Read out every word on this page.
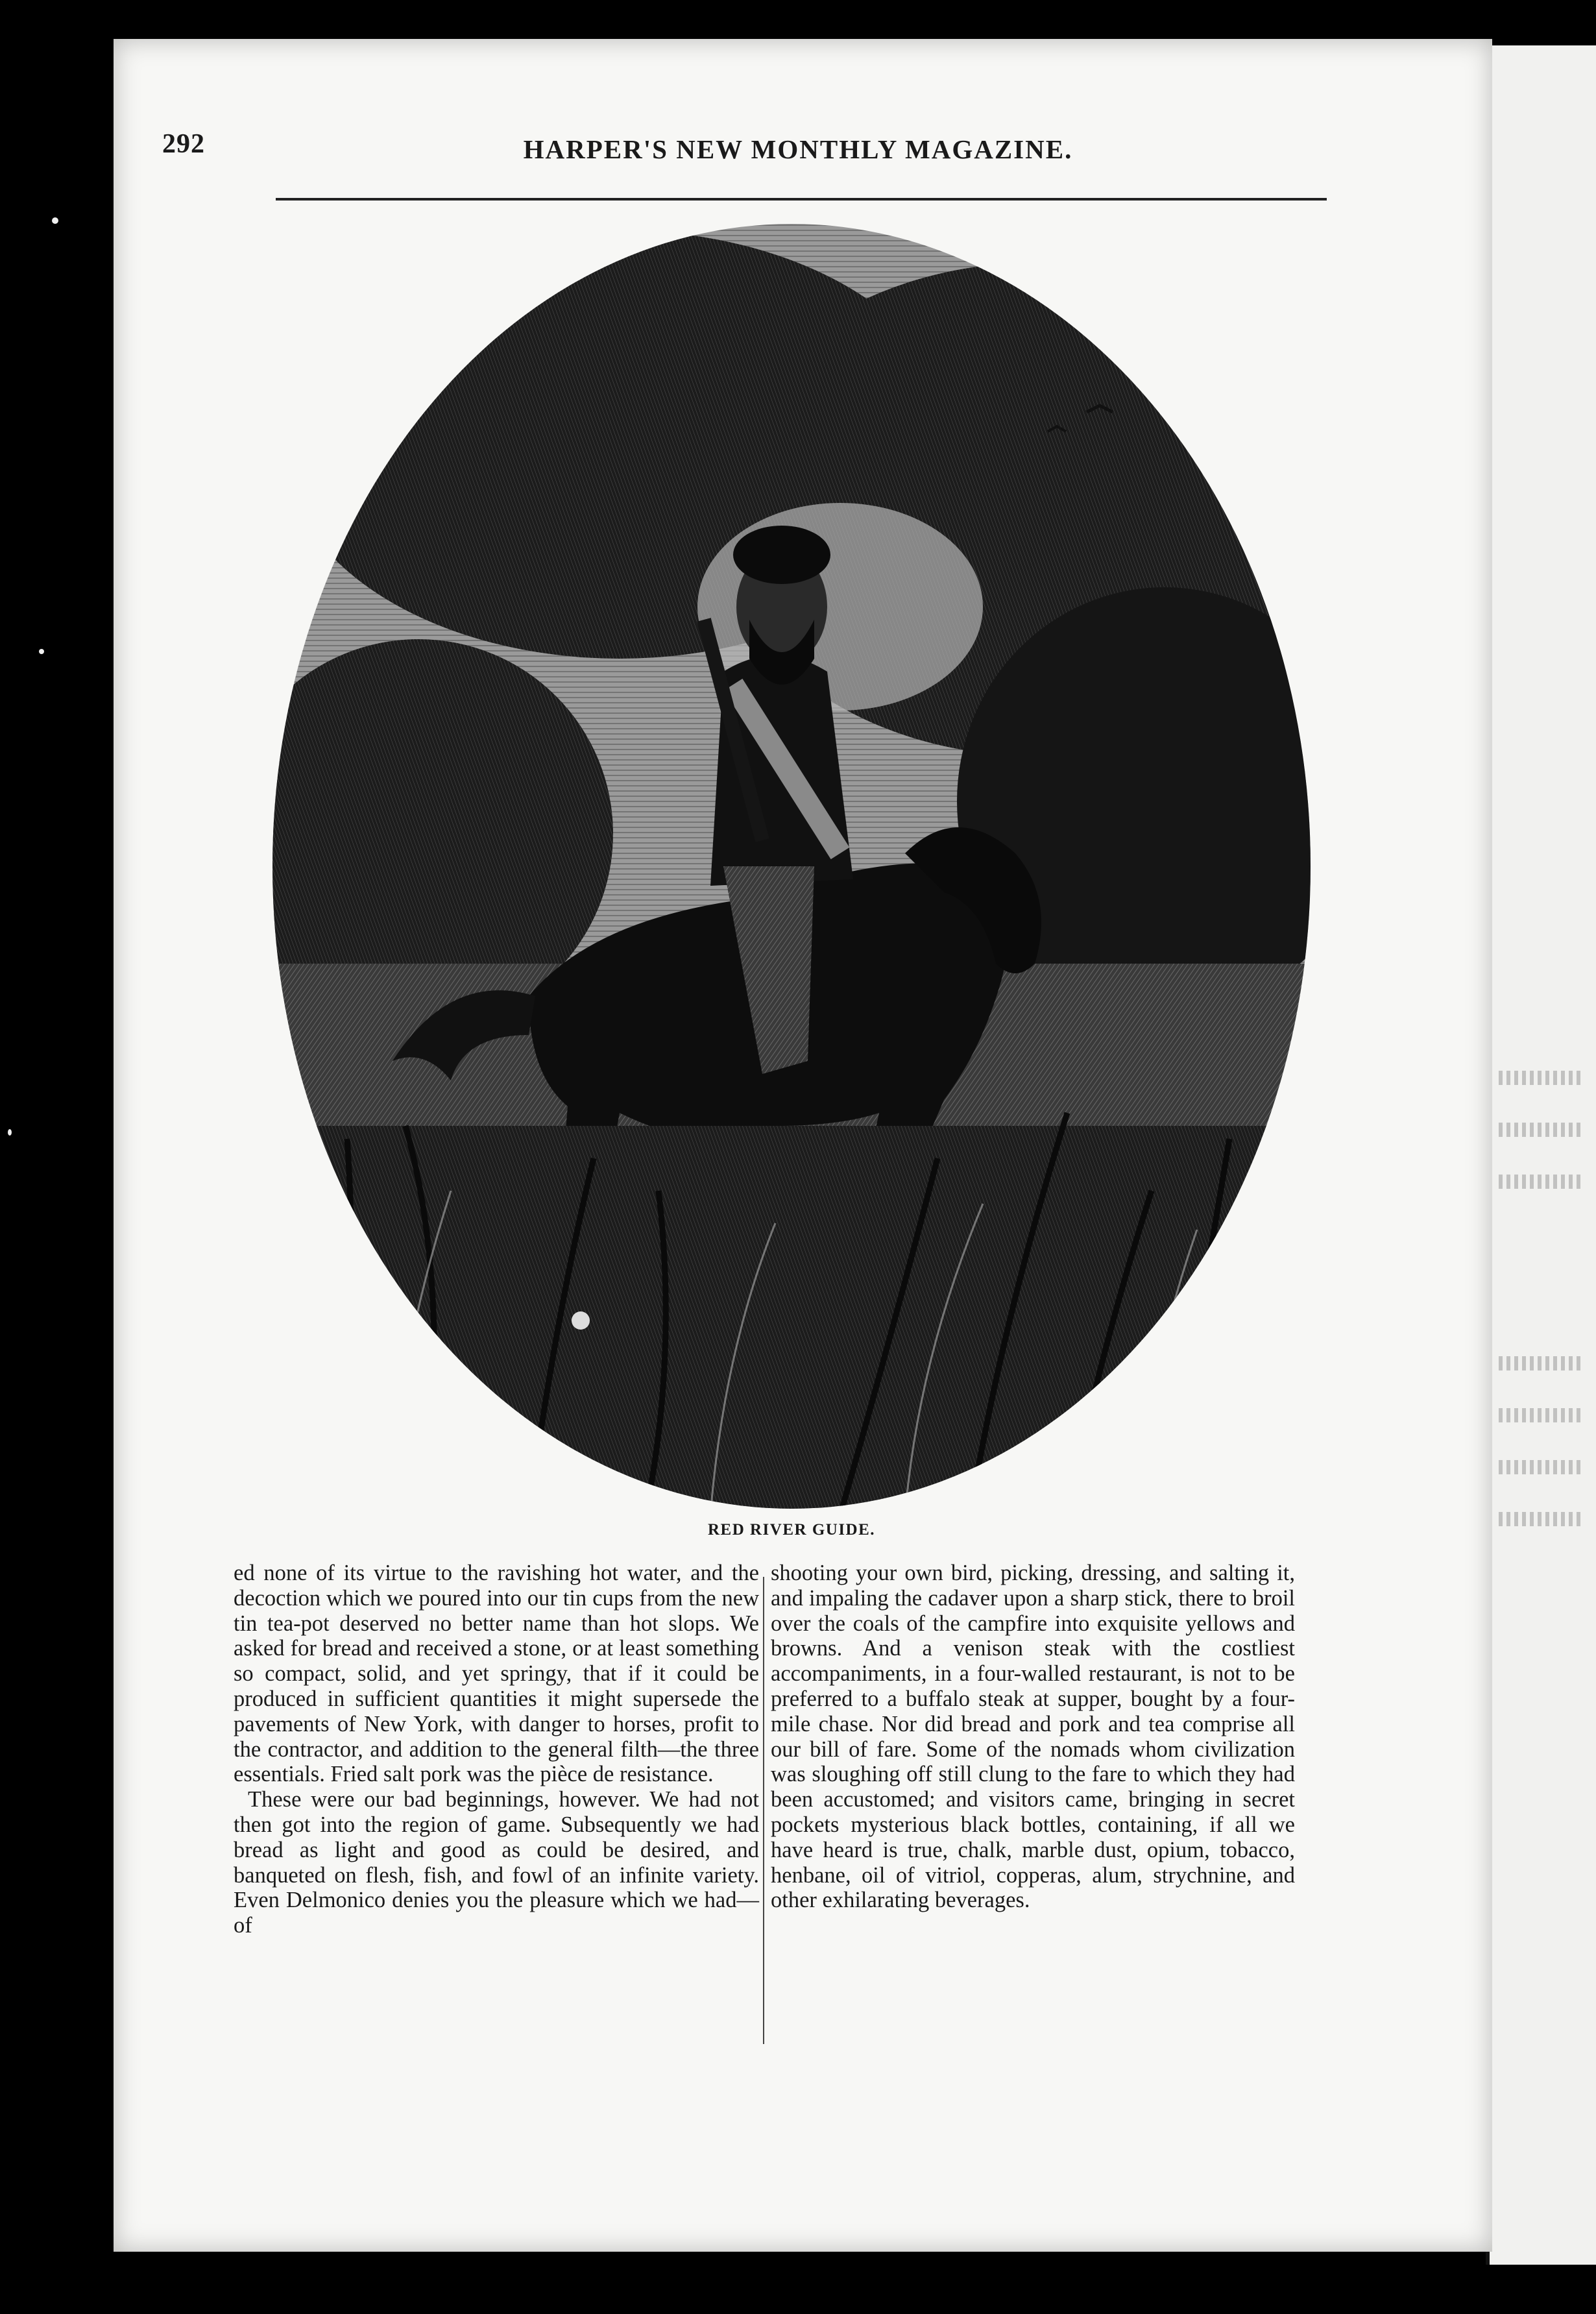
292	HARPER'S NEW MONTHLY MAGAZINE.
RED RIVER GUIDE.

ed none of its virtue to the ravishing hot water, and the decoction which we poured into our tin cups from the new tin tea-pot deserved no better name than hot slops. We asked for bread and received a stone, or at least something so compact, solid, and yet springy, that if it could be produced in sufficient quantities it might supersede the pavements of New York, with danger to horses, profit to the contractor, and addition to the general filth—the three essentials. Fried salt pork was the pièce de resistance.

These were our bad beginnings, however. We had not then got into the region of game. Subsequently we had bread as light and good as could be desired, and banqueted on flesh, fish, and fowl of an infinite variety. Even Delmonico denies you the pleasure which we had—of

shooting your own bird, picking, dressing, and salting it, and impaling the cadaver upon a sharp stick, there to broil over the coals of the campfire into exquisite yellows and browns. And a venison steak with the costliest accompaniments, in a four-walled restaurant, is not to be preferred to a buffalo steak at supper, bought by a four-mile chase. Nor did bread and pork and tea comprise all our bill of fare. Some of the nomads whom civilization was sloughing off still clung to the fare to which they had been accustomed; and visitors came, bringing in secret pockets mysterious black bottles, containing, if all we have heard is true, chalk, marble dust, opium, tobacco, henbane, oil of vitriol, copperas, alum, strychnine, and other exhilarating beverages.
